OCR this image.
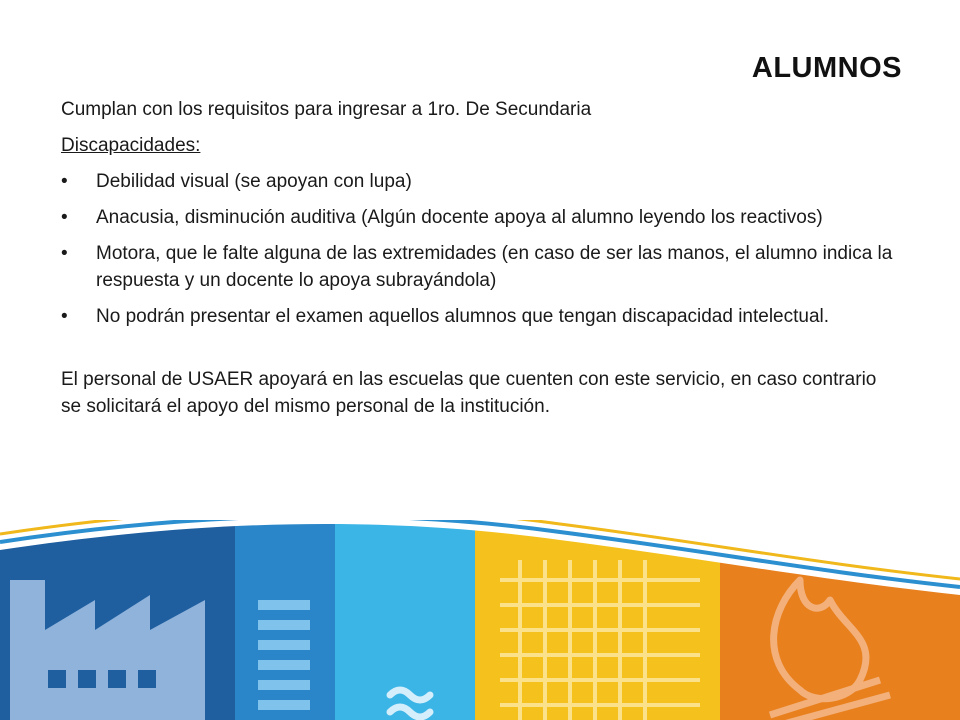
ALUMNOS
Cumplan con los requisitos para ingresar a 1ro. De Secundaria
Discapacidades:
• Debilidad visual (se apoyan con lupa)
• Anacusia, disminución auditiva (Algún docente apoya al alumno leyendo los reactivos)
• Motora, que le falte alguna de las extremidades (en caso de ser las manos, el alumno indica la respuesta y un docente lo apoya subrayándola)
• No podrán presentar el examen aquellos alumnos que tengan discapacidad intelectual.
El personal de USAER apoyará en las escuelas que cuenten con este servicio, en caso contrario se solicitará el apoyo del mismo personal de la institución.
